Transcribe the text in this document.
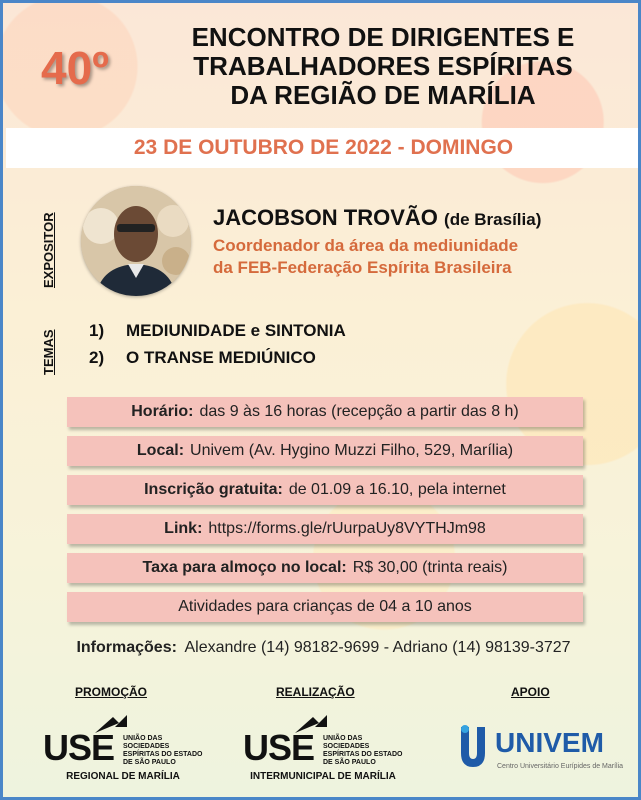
40º
ENCONTRO DE DIRIGENTES E
TRABALHADORES ESPÍRITAS
DA REGIÃO DE MARÍLIA
23 DE OUTUBRO DE 2022 - DOMINGO
EXPOSITOR
TEMAS
JACOBSON TROVÃO (de Brasília)
Coordenador da área da mediunidade
da FEB-Federação Espírita Brasileira
1)	MEDIUNIDADE e SINTONIA
2)	O TRANSE MEDIÚNICO
Horário: das 9 às 16 horas (recepção a partir das 8 h)
Local: Univem (Av. Hygino Muzzi Filho, 529, Marília)
Inscrição gratuita: de 01.09 a 16.10, pela internet
Link: https://forms.gle/rUurpaUy8VYTHJm98
Taxa para almoço no local: R$ 30,00 (trinta reais)
Atividades para crianças de 04 a 10 anos
Informações: Alexandre (14) 98182-9699 - Adriano (14) 98139-3727
PROMOÇÃO	REALIZAÇÃO	APOIO
USE UNIÃO DAS SOCIEDADES ESPÍRITAS DO ESTADO DE SÃO PAULO
REGIONAL DE MARÍLIA
USE UNIÃO DAS SOCIEDADES ESPÍRITAS DO ESTADO DE SÃO PAULO
INTERMUNICIPAL DE MARÍLIA
UNIVEM
Centro Universitário Eurípides de Marília
